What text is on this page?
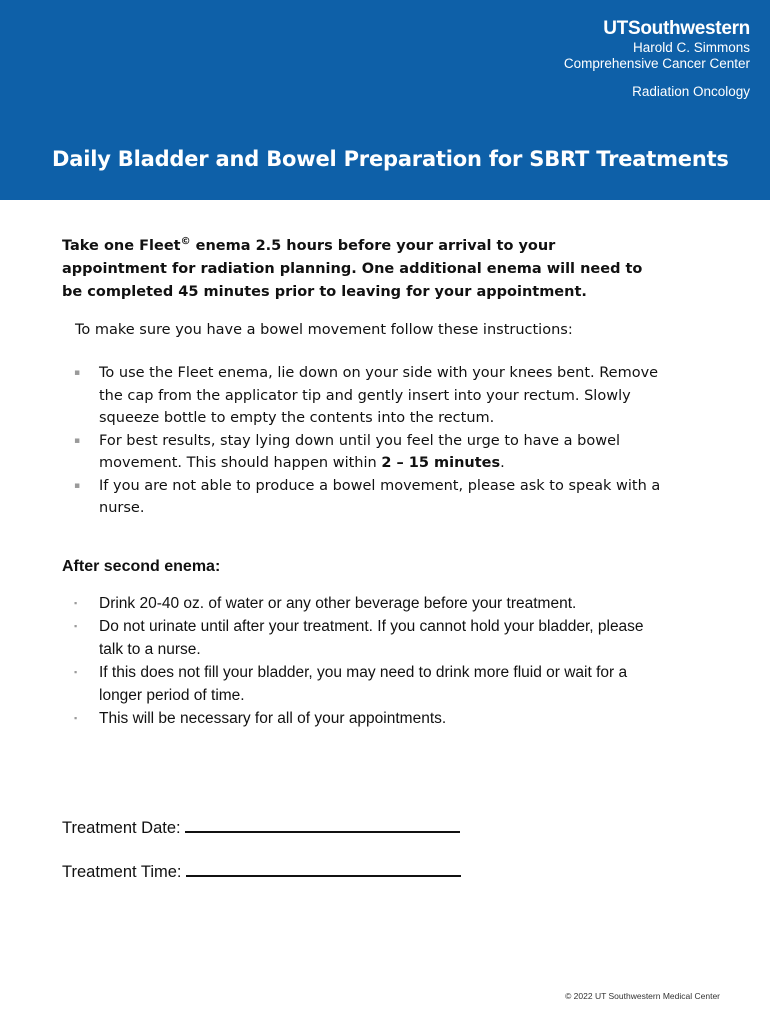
UTSouthwestern
Harold C. Simmons
Comprehensive Cancer Center
Radiation Oncology
Daily Bladder and Bowel Preparation for SBRT Treatments

Take one Fleet© enema 2.5 hours before your arrival to your appointment for radiation planning. One additional enema will need to be completed 45 minutes prior to leaving for your appointment.

To make sure you have a bowel movement follow these instructions:

▪ To use the Fleet enema, lie down on your side with your knees bent. Remove the cap from the applicator tip and gently insert into your rectum. Slowly squeeze bottle to empty the contents into the rectum.
▪ For best results, stay lying down until you feel the urge to have a bowel movement. This should happen within 2 – 15 minutes.
▪ If you are not able to produce a bowel movement, please ask to speak with a nurse.
After second enema:
▪ Drink 20-40 oz. of water or any other beverage before your treatment.
▪ Do not urinate until after your treatment. If you cannot hold your bladder, please talk to a nurse.
▪ If this does not fill your bladder, you may need to drink more fluid or wait for a longer period of time.
▪ This will be necessary for all of your appointments.

Treatment Date:

Treatment Time:

© 2022 UT Southwestern Medical Center
